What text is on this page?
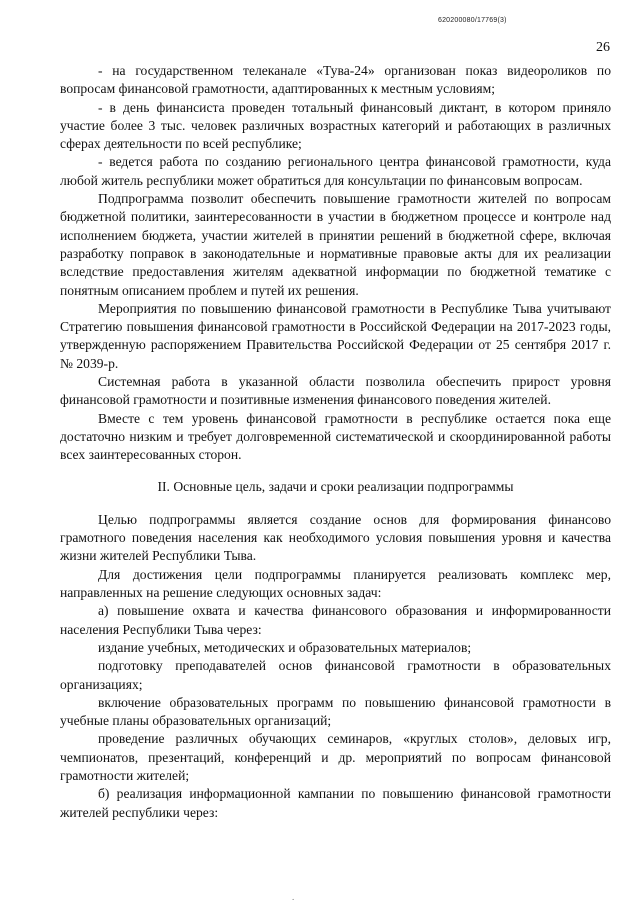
620200080/17769(3)
26

- на государственном телеканале «Тува-24» организован показ видеороликов по вопросам финансовой грамотности, адаптированных к местным условиям;

- в день финансиста проведен тотальный финансовый диктант, в котором приняло участие более 3 тыс. человек различных возрастных категорий и работающих в различных сферах деятельности по всей республике;

- ведется работа по созданию регионального центра финансовой грамотности, куда любой житель республики может обратиться для консультации по финансовым вопросам.

Подпрограмма позволит обеспечить повышение грамотности жителей по вопросам бюджетной политики, заинтересованности в участии в бюджетном процессе и контроле над исполнением бюджета, участии жителей в принятии решений в бюджетной сфере, включая разработку поправок в законодательные и нормативные правовые акты для их реализации вследствие предоставления жителям адекватной информации по бюджетной тематике с понятным описанием проблем и путей их решения.

Мероприятия по повышению финансовой грамотности в Республике Тыва учитывают Стратегию повышения финансовой грамотности в Российской Федерации на 2017-2023 годы, утвержденную распоряжением Правительства Российской Федерации от 25 сентября 2017 г. № 2039-р.

Системная работа в указанной области позволила обеспечить прирост уровня финансовой грамотности и позитивные изменения финансового поведения жителей.

Вместе с тем уровень финансовой грамотности в республике остается пока еще достаточно низким и требует долговременной систематической и скоординированной работы всех заинтересованных сторон.

II. Основные цель, задачи и сроки реализации подпрограммы

Целью подпрограммы является создание основ для формирования финансово грамотного поведения населения как необходимого условия повышения уровня и качества жизни жителей Республики Тыва.

Для достижения цели подпрограммы планируется реализовать комплекс мер, направленных на решение следующих основных задач:

а) повышение охвата и качества финансового образования и информированности населения Республики Тыва через:

издание учебных, методических и образовательных материалов;

подготовку преподавателей основ финансовой грамотности в образовательных организациях;

включение образовательных программ по повышению финансовой грамотности в учебные планы образовательных организаций;

проведение различных обучающих семинаров, «круглых столов», деловых игр, чемпионатов, презентаций, конференций и др. мероприятий по вопросам финансовой грамотности жителей;

б) реализация информационной кампании по повышению финансовой грамотности жителей республики через:

.
